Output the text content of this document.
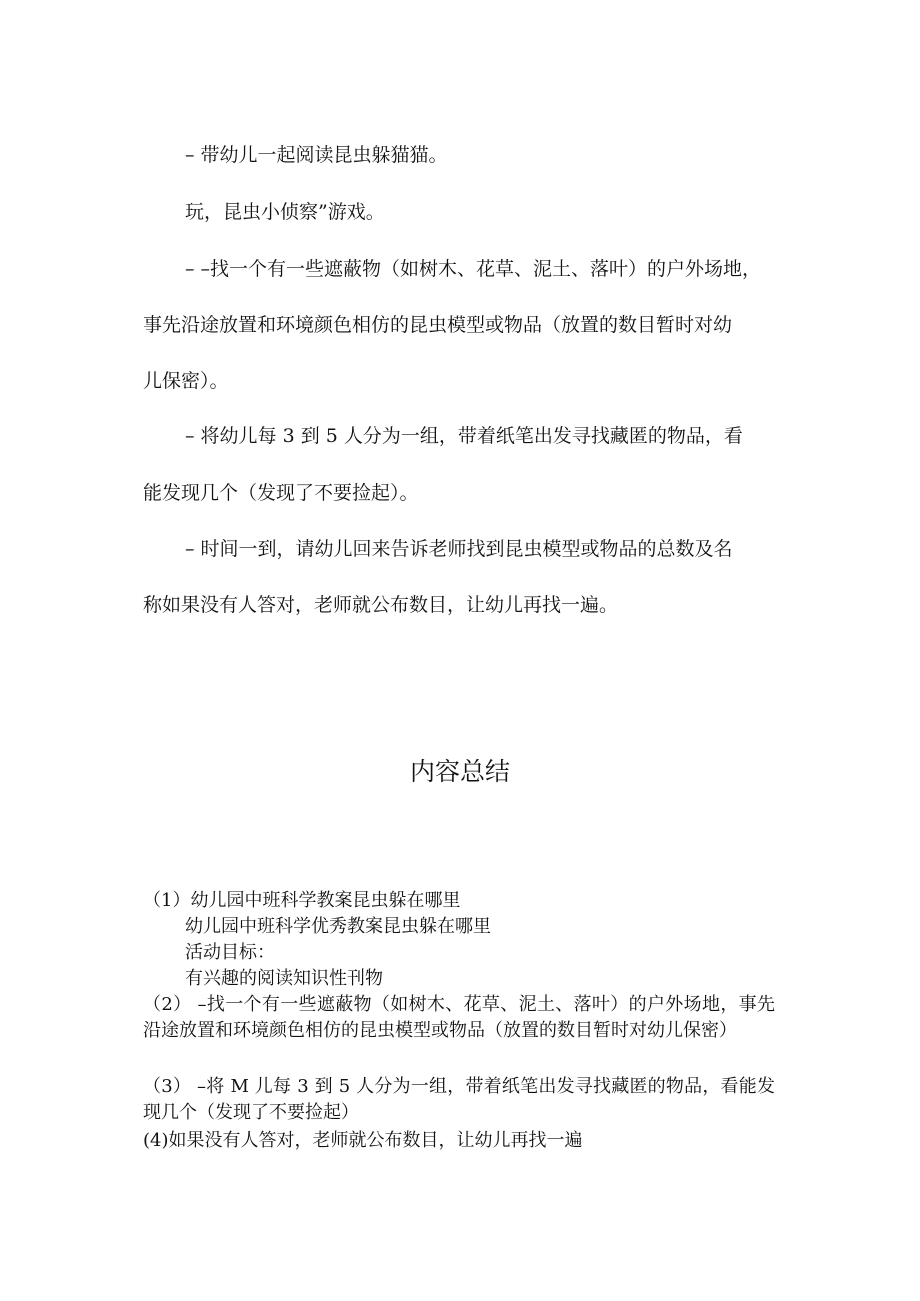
– 带幼儿一起阅读昆虫躲猫猫。

玩，昆虫小侦察”游戏。

– –找一个有一些遮蔽物（如树木、花草、泥土、落叶）的户外场地，

事先沿途放置和环境颜色相仿的昆虫模型或物品（放置的数目暂时对幼

儿保密）。

– 将幼儿每 3 到 5 人分为一组，带着纸笔出发寻找藏匿的物品，看

能发现几个（发现了不要捡起）。

– 时间一到，请幼儿回来告诉老师找到昆虫模型或物品的总数及名

称如果没有人答对，老师就公布数目，让幼儿再找一遍。

内容总结

（1）幼儿园中班科学教案昆虫躲在哪里

幼儿园中班科学优秀教案昆虫躲在哪里

活动目标：

有兴趣的阅读知识性刊物

（2） –找一个有一些遮蔽物（如树木、花草、泥土、落叶）的户外场地，事先沿途放置和环境颜色相仿的昆虫模型或物品（放置的数目暂时对幼儿保密）

（3） –将 M 儿每 3 到 5 人分为一组，带着纸笔出发寻找藏匿的物品，看能发现几个（发现了不要捡起）

(4)如果没有人答对，老师就公布数目，让幼儿再找一遍
